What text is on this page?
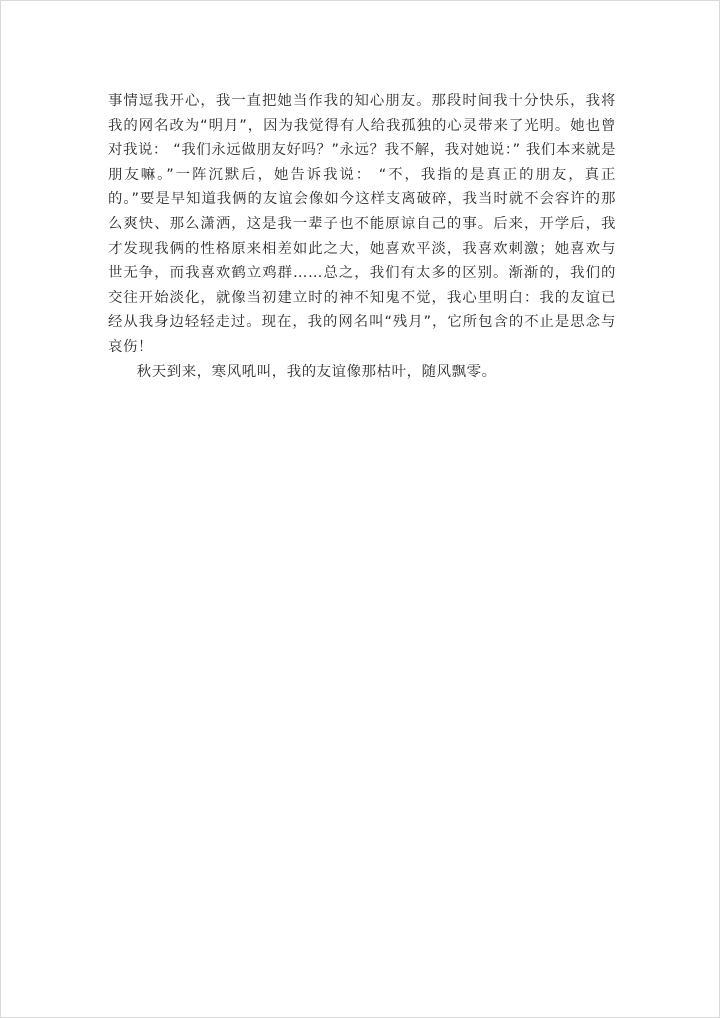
事情逗我开心，我一直把她当作我的知心朋友。那段时间我十分快乐，我将我的网名改为“明月”，因为我觉得有人给我孤独的心灵带来了光明。她也曾对我说： “我们永远做朋友好吗？”永远？我不解，我对她说：” 我们本来就是朋友嘛。”一阵沉默后，她告诉我说： “不，我指的是真正的朋友，真正的。”要是早知道我俩的友谊会像如今这样支离破碎，我当时就不会容许的那么爽快、那么潇洒，这是我一辈子也不能原谅自己的事。后来，开学后，我才发现我俩的性格原来相差如此之大，她喜欢平淡，我喜欢刺激；她喜欢与世无争，而我喜欢鹤立鸡群……总之，我们有太多的区别。渐渐的，我们的交往开始淡化，就像当初建立时的神不知鬼不觉，我心里明白：我的友谊已经从我身边轻轻走过。现在，我的网名叫“残月”，它所包含的不止是思念与哀伤！

秋天到来，寒风吼叫，我的友谊像那枯叶，随风飘零。
